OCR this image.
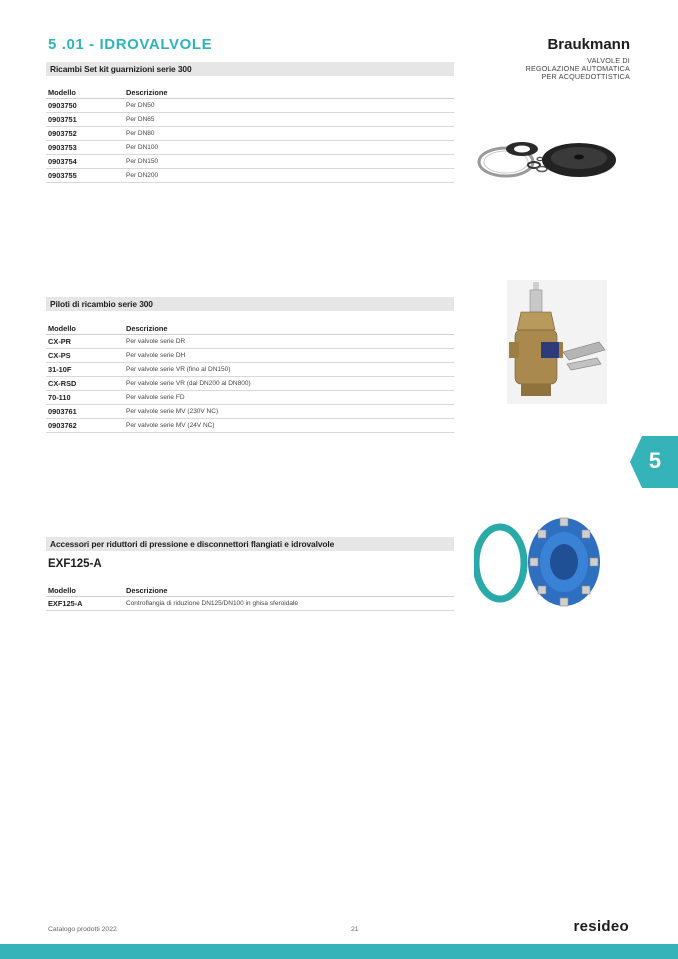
5 .01 - IDROVALVOLE	Braukmann
VALVOLE DI
REGOLAZIONE AUTOMATICA
PER ACQUEDOTTISTICA
Ricambi Set kit guarnizioni serie 300
Modello	Descrizione
0903750	Per DN50
0903751	Per DN65
0903752	Per DN80
0903753	Per DN100
0903754	Per DN150
0903755	Per DN200
Piloti di ricambio serie 300
Modello	Descrizione
CX-PR	Per valvole serie DR
CX-PS	Per valvole serie DH
31-10F	Per valvole serie VR (fino al DN150)
CX-RSD	Per valvole serie VR (dal DN200 al DN800)
70-110	Per valvole serie FD
0903761	Per valvole serie MV (230V NC)
0903762	Per valvole serie MV (24V NC)
Accessori per riduttori di pressione e disconnettori flangiati e idrovalvole
EXF125-A
Modello	Descrizione
EXF125-A	Controflangia di riduzione DN125/DN100 in ghisa sferoidale
5
Catalogo prodotti 2022	21	resideo
